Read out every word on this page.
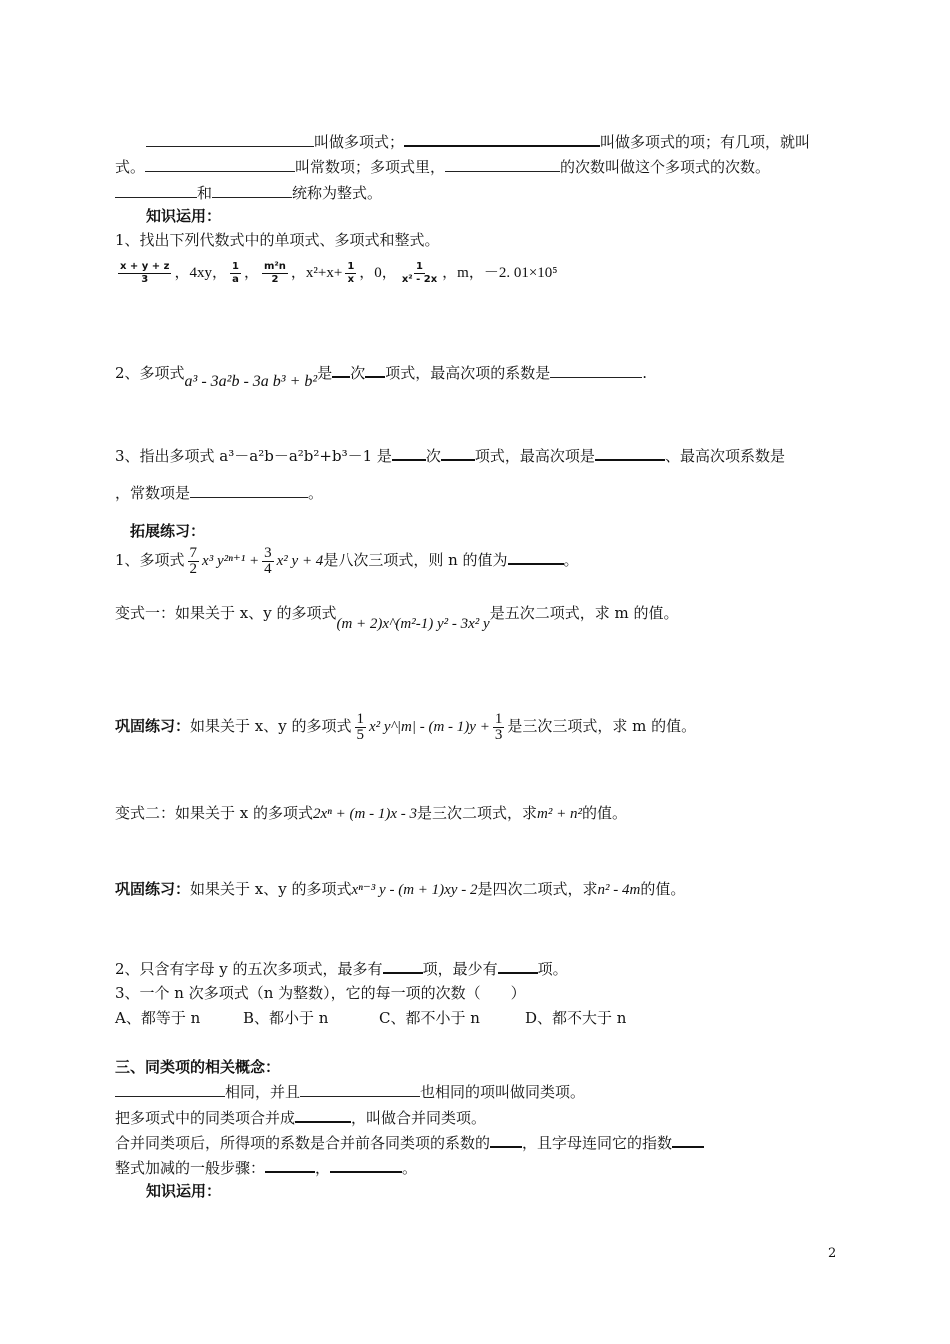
叫做多项式；	叫做多项式的项；有几项，就叫
式。	叫常数项；多项式里，	的次数叫做这个多项式的次数。
和	统称为整式。
知识运用：
1、找出下列代数式中的单项式、多项式和整式。
$\frac{x + y + z}{3}$ ，4xy， $\frac{1}{a}$ ， $\frac{\text{m²n}}{2}$ ，$x^2+x+ \frac{1}{x}$ ，0， $\frac{1}{\text{x² - 2x}}$ ，m，－2. 01×10⁵
2、多项式a³ - 3a²b - 3a b³ + b²是 次 项式，最高次项的系数是	.
3、指出多项式 a³－a²b－a²b²+b³－1 是 次 项式，最高次项是	、最高次项系数是
，常数项是	。
拓展练习：
1、多项式 $\frac{7}{2} x^3$ $y^{2n+1} + \frac{3}{4} x^2$ y + 4是八次三项式，则 n 的值为	。
变式一：如果关于 x、y 的多项式(m + 2)x^(m²-1) y² - 3x² y是五次二项式，求 m 的值。
巩固练习：如果关于 x、y 的多项式 $\frac{1}{5} x^2$ y^|m| - $(m - 1)y + \frac{1}{3}$ 是三次三项式，求 m 的值。
变式二：如果关于 x 的多项式2xⁿ + (m - 1)x - 3是三次二项式，求m² + n²的值。
巩固练习：如果关于 x、y 的多项式xⁿ⁻³ y - (m + 1)xy - 2是四次二项式，求n² - 4m的值。
2、只含有字母 y 的五次多项式，最多有	项，最少有	项。
3、一个 n 次多项式（n 为整数），它的每一项的次数（　　）
A、都等于 n	B、都小于 n	C、都不小于 n	D、都不大于 n
三、同类项的相关概念：
相同，并且	也相同的项叫做同类项。
把多项式中的同类项合并成	，叫做合并同类项。
合并同类项后，所得项的系数是合并前各同类项的系数的 ，且字母连同它的指数
整式加减的一般步骤：	，	。
知识运用：
2
